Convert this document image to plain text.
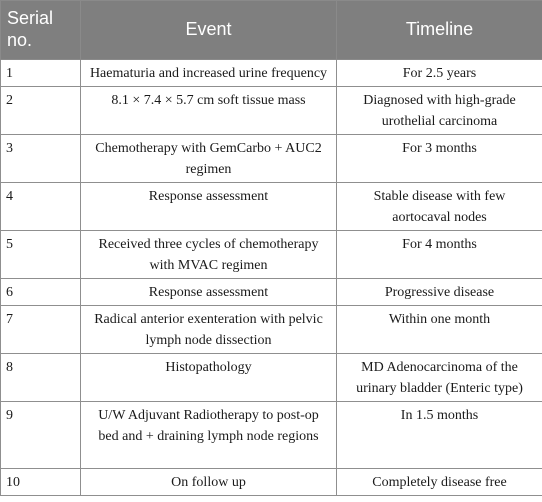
Serial no.	Event	Timeline
1	Haematuria and increased urine frequency	For 2.5 years
2	8.1 × 7.4 × 5.7 cm soft tissue mass	Diagnosed with high-grade urothelial carcinoma
3	Chemotherapy with GemCarbo + AUC2 regimen	For 3 months
4	Response assessment	Stable disease with few aortocaval nodes
5	Received three cycles of chemotherapy with MVAC regimen	For 4 months
6	Response assessment	Progressive disease
7	Radical anterior exenteration with pelvic lymph node dissection	Within one month
8	Histopathology	MD Adenocarcinoma of the urinary bladder (Enteric type)
9	U/W Adjuvant Radiotherapy to post-op bed and + draining lymph node regions	In 1.5 months
10	On follow up	Completely disease free
